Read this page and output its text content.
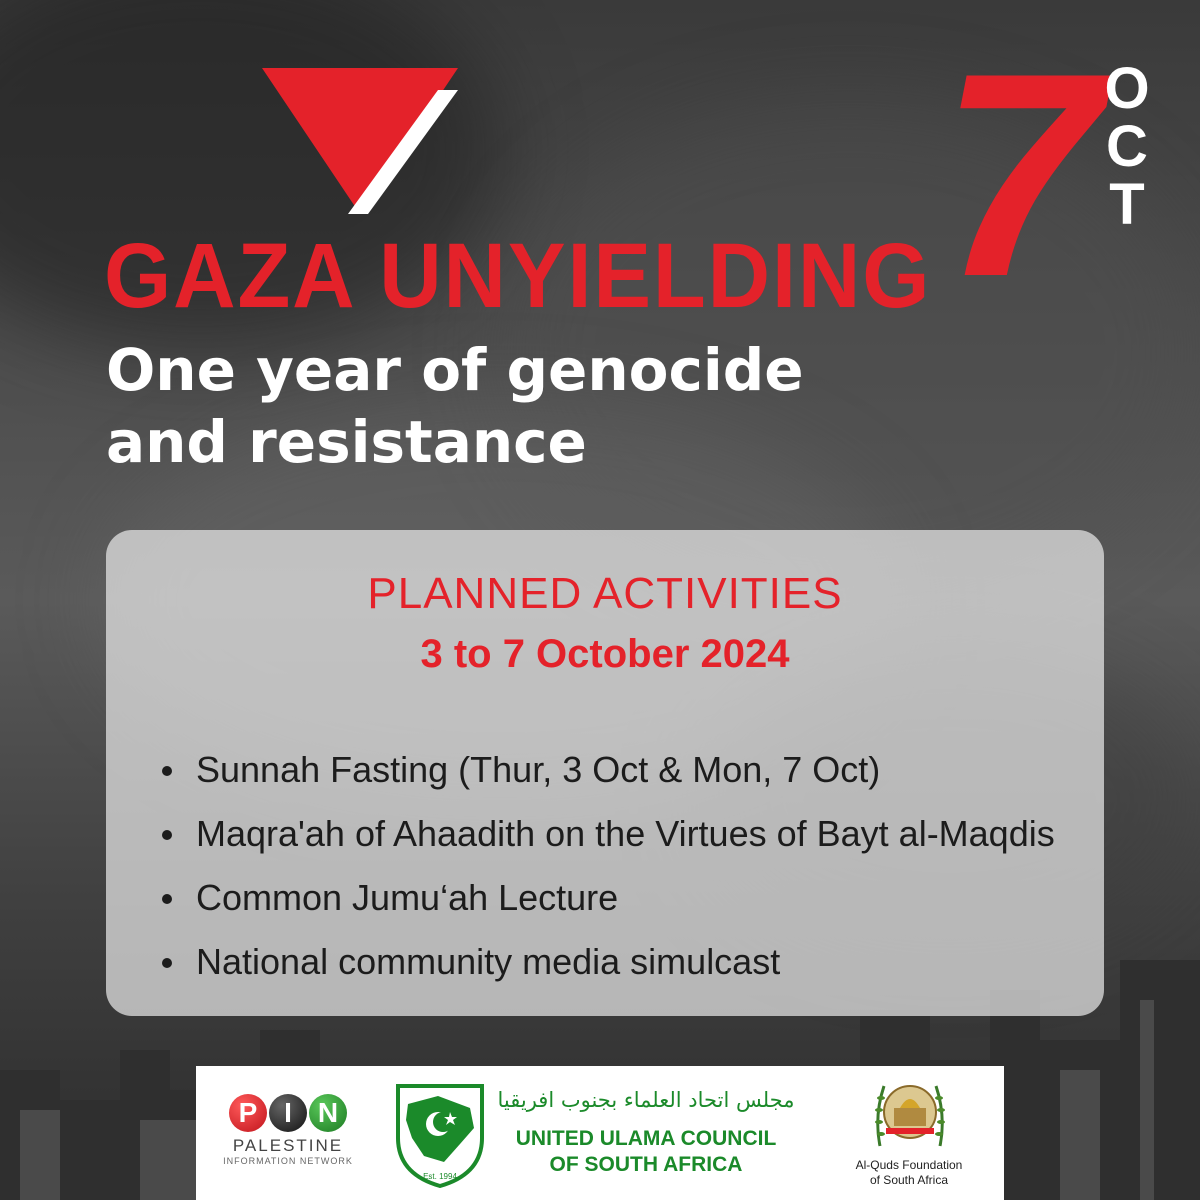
7 O
C
T
GAZA UNYIELDING
One year of genocide
and resistance
PLANNED ACTIVITIES
3 to 7 October 2024
Sunnah Fasting (Thur, 3 Oct & Mon, 7 Oct)
Maqra'ah of Ahaadith on the Virtues of Bayt al-Maqdis
Common Jumu‘ah Lecture
National community media simulcast
P I N
PALESTINE
INFORMATION NETWORK
Est. 1994
مجلس اتحاد العلماء بجنوب افريقيا
UNITED ULAMA COUNCIL
OF SOUTH AFRICA	Al-Quds Foundation
of South Africa
